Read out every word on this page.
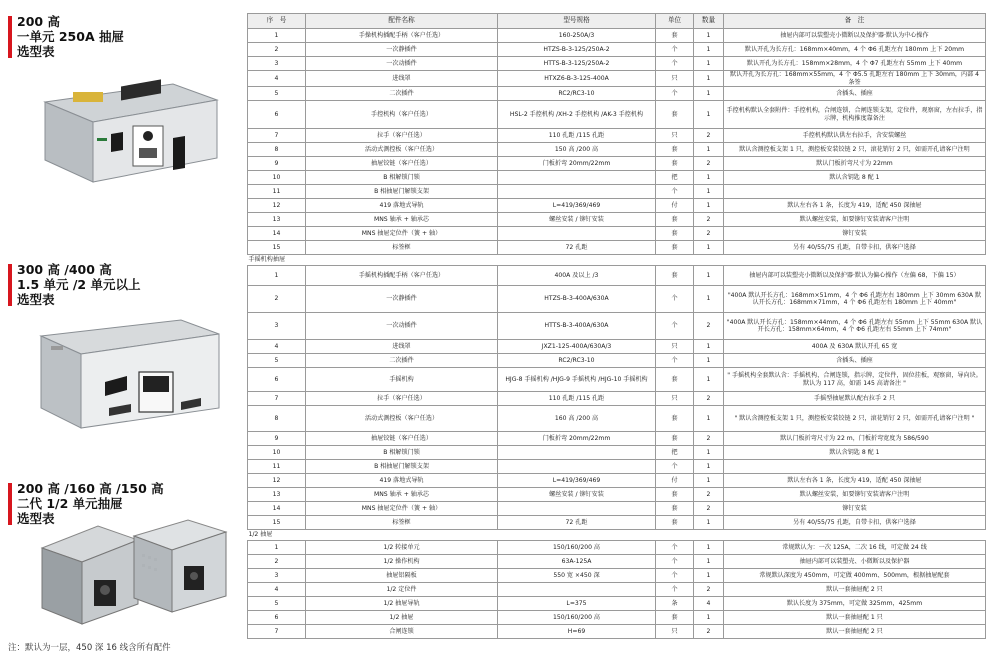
200 高
一单元 250A 抽屉
选型表
300 高 /400 高
1.5 单元 /2 单元以上
选型表
200 高 /160 高 /150 高
二代 1/2 单元抽屉
选型表
注：默认为一层，450 深 16 线含所有配件
序　号	配件名称	型号规格	单位	数量	备　注
1	手操机构插配手柄（客户任选）	160-250A/3	套	1	抽屉内部可以装塑壳小微断以及保护器·默认为中心操作
2	一次静插件	HTZS-B-3-125/250A-2	个	1	默认开孔为长方孔：168mm×40mm，4 个 Φ6 孔距左右 180mm 上下 20mm
3	一次动插件	HTTS-B-3-125/250A-2	个	1	默认开孔为长方孔：158mm×28mm，4 个 Φ7 孔距左右 55mm 上下 40mm
4	进线罩	HTXZ6-B-3-125-400A	只	1	默认开孔为长方孔：168mm×55mm，4 个 Φ5.5 孔距左右 180mm 上下 30mm，内部 4 条签
5	二次插件	RC2/RC3-10	个	1	含插头、插座
6	手控机构（客户任选）	HSL-2 手控机构 /XH-2 手控机构 /AK-3 手控机构	套	1	手控机构默认全套附件：手控机构，合闸连锁，合闸连锁支架，定位件，观察窗，左右拉手，指示牌，机构推度靠备注
7	拉手（客户任选）	110 孔距 /115 孔距	只	2	手控机构默认供左右拉手，含安装螺丝
8	活动式测控板（客户任选）	150 高 /200 高	套	1	默认含测控板支架 1 只，测控板安装铰链 2 只，滚花销钉 2 只，如需开孔请客户注明
9	抽屉铰链（客户任选）	门板折弯 20mm/22mm	套	2	默认门板折弯尺寸为 22mm
10	B 相解锁门锁		把	1	默认含钥匙 8 配 1
11	B 相抽屉门解锁支架		个	1	
12	419 落地式导轨	L=419/369/469	付	1	默认左右各 1 条，长度为 419，适配 450 深抽屉
13	MNS 轴承 + 轴承芯	螺丝安装 / 铆钉安装	套	2	默认螺丝安装，如要铆钉安装请客户注明
14	MNS 抽屉定位件（簧 + 轴）		套	2	铆钉安装
15	标签框	72 孔距	套	1	另有 40/55/75 孔距，自带卡扣，供客户选择
手摇机构抽屉					
1	手摇机构插配手柄（客户任选）	400A 及以上 /3	套	1	抽屉内部可以装塑壳小微断以及保护器·默认为偏心操作（左偏 68，下偏 15）
2	一次静插件	HTZS-B-3-400A/630A	个	1	"400A 默认开长方孔：168mm×51mm，4 个 Φ6 孔距左右 180mm 上下 30mm 630A 默认开长方孔：168mm×71mm，4 个 Φ6 孔距左右 180mm 上下 40mm"
3	一次动插件	HTTS-B-3-400A/630A	个	2	"400A 默认开长方孔：158mm×44mm，4 个 Φ6 孔距左右 55mm 上下 55mm 630A 默认开长方孔：158mm×64mm，4 个 Φ6 孔距左右 55mm 上下 74mm"
4	进线罩	JXZ1-125-400A/630A/3	只	1	400A 及 630A 默认开孔 65 宽
5	二次插件	RC2/RC3-10	个	1	含插头、插座
6	手摇机构	HJG-8 手摇机构 /HJG-9 手摇机构 /HJG-10 手摇机构	套	1	" 手摇机构全套默认含：手摇机构，合闸连锁，指示牌，定位件，固位挂板，观察窗，导向块。默认为 117 高，如需 145 高请备注 "
7	拉手（客户任选）	110 孔距 /115 孔距	只	2	手摇型抽屉默认配右拉手 2 只
8	活动式测控板（客户任选）	160 高 /200 高	套	1	" 默认含测控板支架 1 只，测控板安装铰链 2 只，滚花销钉 2 只，如需开孔请客户注明 "
9	抽屉铰链（客户任选）	门板折弯 20mm/22mm	套	2	默认门板折弯尺寸为 22 m，门板折弯宽度为 586/590
10	B 相解锁门锁		把	1	默认含钥匙 8 配 1
11	B 相抽屉门解锁支架		个	1	
12	419 落地式导轨	L=419/369/469	付	1	默认左右各 1 条，长度为 419，适配 450 深抽屉
13	MNS 轴承 + 轴承芯	螺丝安装 / 铆钉安装	套	2	默认螺丝安装，如要铆钉安装请客户注明
14	MNS 抽屉定位件（簧 + 轴）		套	2	铆钉安装
15	标签框	72 孔距	套	1	另有 40/55/75 孔距，自带卡扣，供客户选择
1/2 抽屉					
1	1/2 转接单元	150/160/200 高	个	1	常规默认为：一次 125A，二次 16 线，可定做 24 线
2	1/2 操作机构	63A-125A	个	1	抽屉内部可以装塑壳、小微断以及保护器
3	抽屉铝隔板	550 宽 ×450 深	个	1	常规默认深度为 450mm，可定做 400mm、500mm，根据抽屉配套
4	1/2 定位件		个	2	默认一套抽屉配 2 只
5	1/2 抽屉导轨	L=375	条	4	默认长度为 375mm，可定做 325mm，425mm
6	1/2 抽屉	150/160/200 高	套	1	默认一套抽屉配 1 只
7	合闸连锁	H=69	只	2	默认一套抽屉配 2 只
